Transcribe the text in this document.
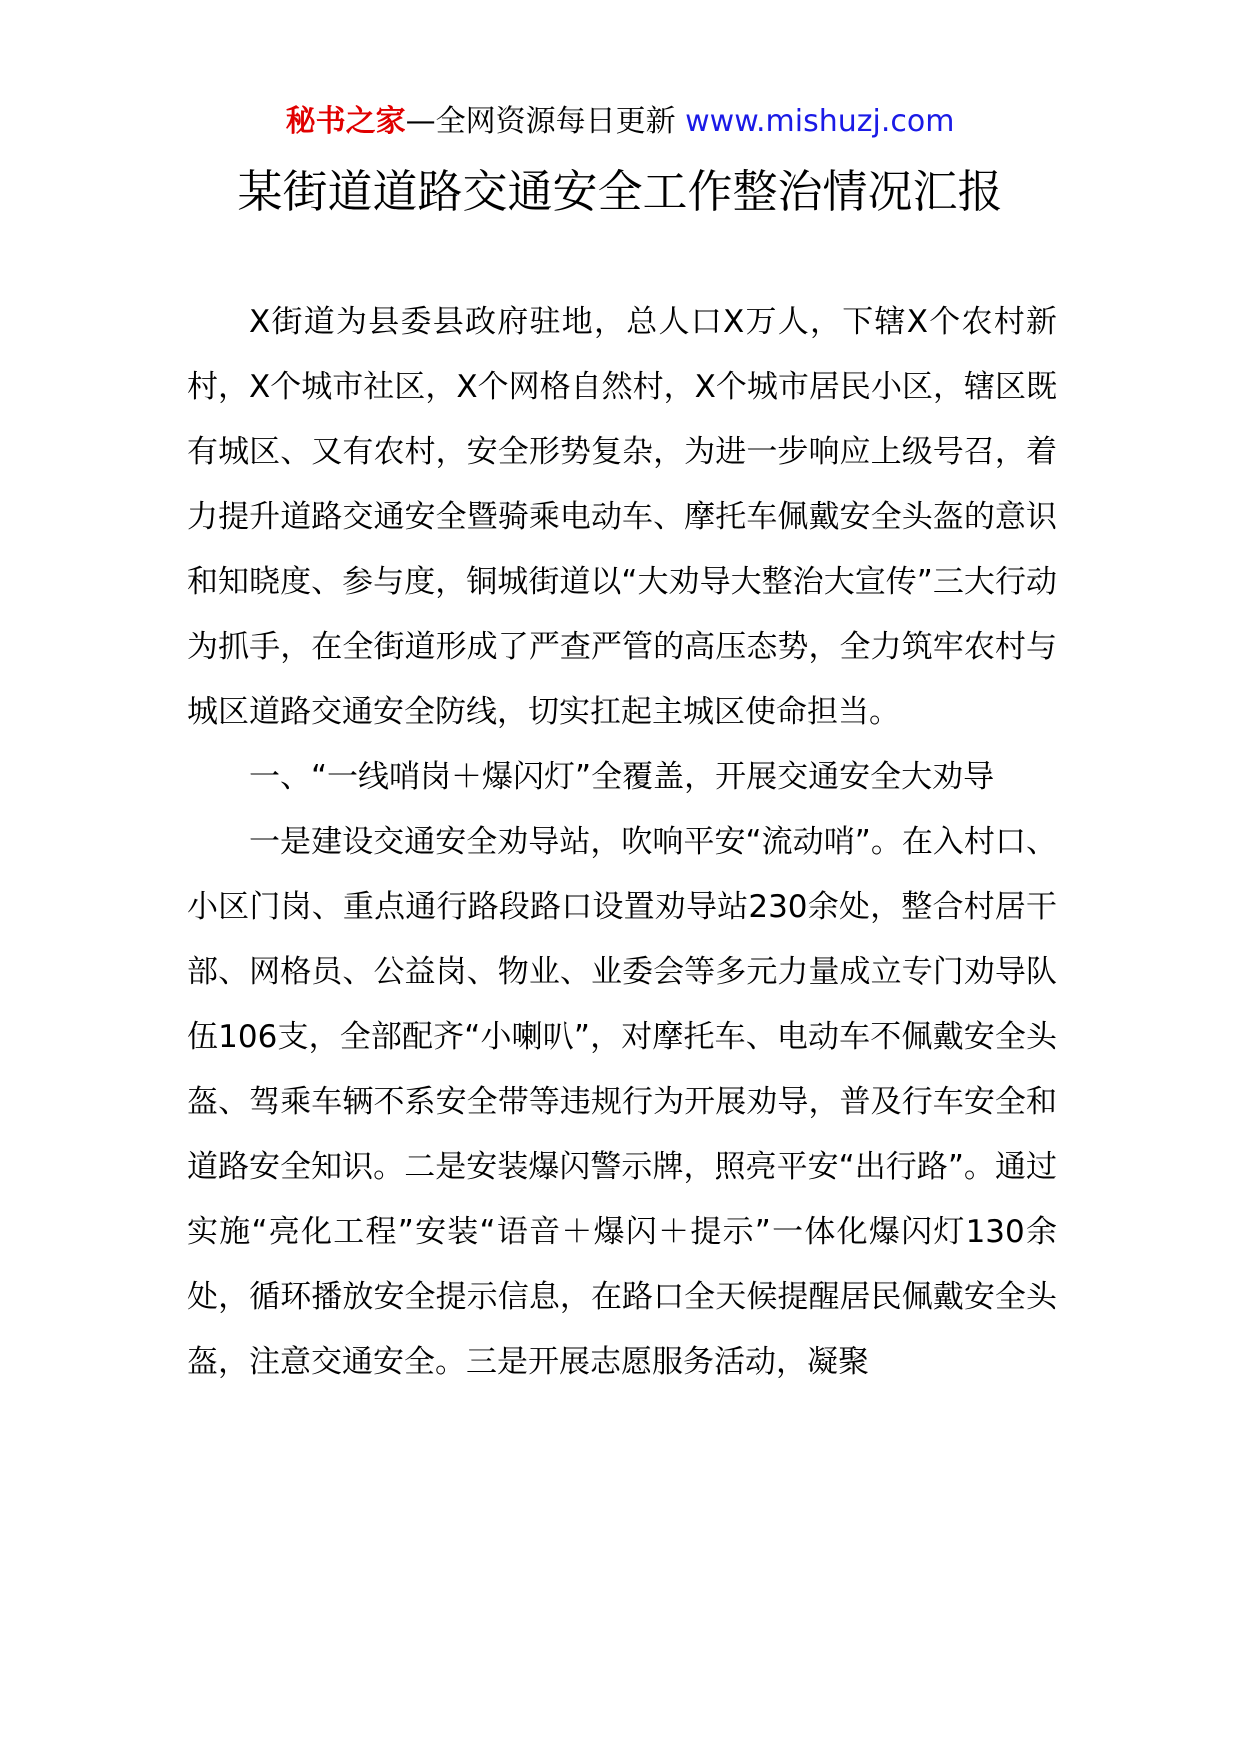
秘书之家—全网资源每日更新 www.mishuzj.com
某街道道路交通安全工作整治情况汇报

X街道为县委县政府驻地，总人口X万人，下辖X个农村新村，X个城市社区，X个网格自然村，X个城市居民小区，辖区既有城区、又有农村，安全形势复杂，为进一步响应上级号召，着力提升道路交通安全暨骑乘电动车、摩托车佩戴安全头盔的意识和知晓度、参与度，铜城街道以“大劝导大整治大宣传”三大行动为抓手，在全街道形成了严查严管的高压态势，全力筑牢农村与城区道路交通安全防线，切实扛起主城区使命担当。

一、“一线哨岗＋爆闪灯”全覆盖，开展交通安全大劝导

一是建设交通安全劝导站，吹响平安“流动哨”。在入村口、小区门岗、重点通行路段路口设置劝导站230余处，整合村居干部、网格员、公益岗、物业、业委会等多元力量成立专门劝导队伍106支，全部配齐“小喇叭”，对摩托车、电动车不佩戴安全头盔、驾乘车辆不系安全带等违规行为开展劝导，普及行车安全和道路安全知识。二是安装爆闪警示牌，照亮平安“出行路”。通过实施“亮化工程”安装“语音＋爆闪＋提示”一体化爆闪灯130余处，循环播放安全提示信息，在路口全天候提醒居民佩戴安全头盔，注意交通安全。三是开展志愿服务活动，凝聚
